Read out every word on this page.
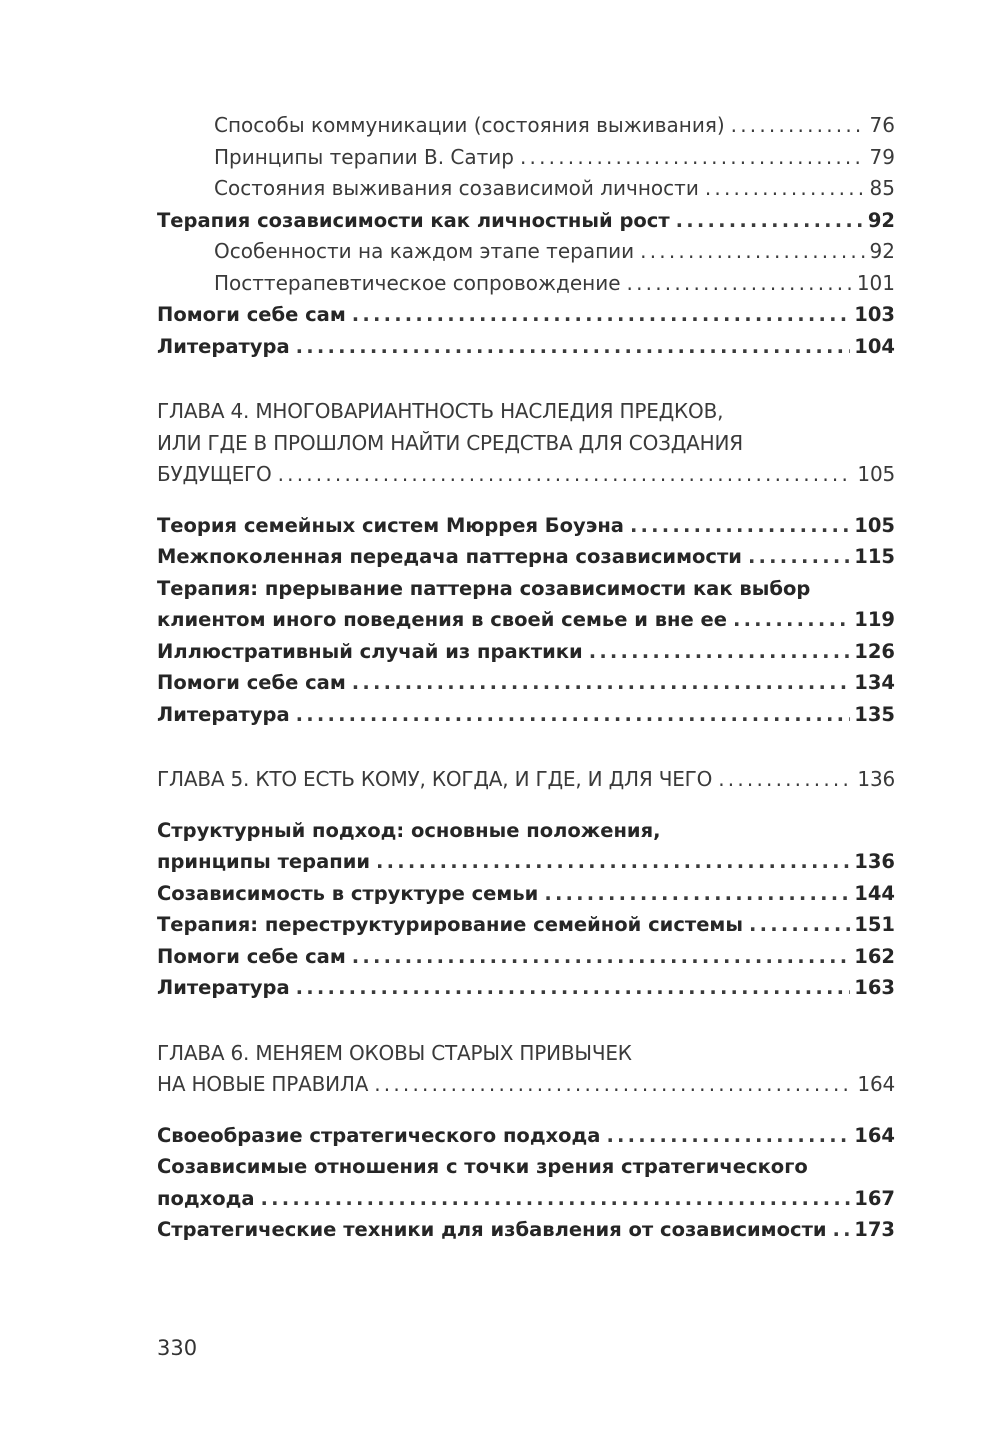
Способы коммуникации (состояния выживания) .....	76
Принципы терапии В. Сатир .....	79
Состояния выживания созависимой личности .....	85
Терапия созависимости как личностный рост .....	92
Особенности на каждом этапе терапии .....	92
Посттерапевтическое сопровождение .....	101
Помоги себе сам .....	103
Литература .....	104
ГЛАВА 4. МНОГОВАРИАНТНОСТЬ НАСЛЕДИЯ ПРЕДКОВ,
ИЛИ ГДЕ В ПРОШЛОМ НАЙТИ СРЕДСТВА ДЛЯ СОЗДАНИЯ
БУДУЩЕГО .....	105
Теория семейных систем Мюррея Боуэна .....	105
Межпоколенная передача паттерна созависимости .....	115
Терапия: прерывание паттерна созависимости как выбор
клиентом иного поведения в своей семье и вне ее .....	119
Иллюстративный случай из практики .....	126
Помоги себе сам .....	134
Литература .....	135
ГЛАВА 5. КТО ЕСТЬ КОМУ, КОГДА, И ГДЕ, И ДЛЯ ЧЕГО .....	136
Структурный подход: основные положения,
принципы терапии .....	136
Созависимость в структуре семьи .....	144
Терапия: переструктурирование семейной системы .....	151
Помоги себе сам .....	162
Литература .....	163
ГЛАВА 6. МЕНЯЕМ ОКОВЫ СТАРЫХ ПРИВЫЧЕК
НА НОВЫЕ ПРАВИЛА .....	164
Своеобразие стратегического подхода .....	164
Созависимые отношения с точки зрения стратегического
подхода .....	167
Стратегические техники для избавления от созависимости .....	173
330
